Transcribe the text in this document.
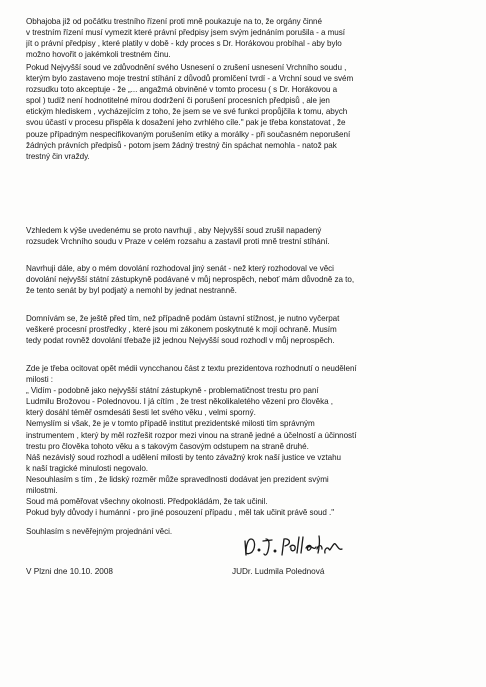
Obhajoba již od počátku trestního řízení proti mně poukazuje na to, že orgány činné
v trestním řízení musí vymezit které právní předpisy jsem svým jednáním porušila - a musí
jít o právní předpisy , které platily v době - kdy proces s Dr. Horákovou probíhal - aby bylo
možno hovořit o jakémkoli trestném činu.
Pokud Nejvyšší soud ve zdůvodnění svého Usnesení o zrušení usnesení Vrchního soudu ,
kterým bylo zastaveno moje trestní stíhání z důvodů promlčení tvrdí - a Vrchní soud ve svém
rozsudku toto akceptuje - že „... angažmá obviněné v tomto procesu ( s Dr. Horákovou a
spol ) tudíž není hodnotitelné mírou dodržení či porušení procesních předpisů , ale jen
etickým hlediskem , vycházejícím z toho, že jsem se ve své funkci propůjčila k tomu, abych
svou účastí v procesu přispěla k dosažení jeho zvrhlého cíle." pak je třeba konstatovat , že
pouze případným nespecifikovaným porušením etiky a morálky - při současném neporušení
žádných právních předpisů - potom jsem žádný trestný čin spáchat nemohla - natož pak
trestný čin vraždy.
Vzhledem k výše uvedenému se proto navrhuji , aby Nejvyšší soud zrušil napadený
rozsudek Vrchního soudu v Praze v celém rozsahu a zastavil proti mně trestní stíhání.
Navrhuji dále, aby o mém dovolání rozhodoval jiný senát - než který rozhodoval ve věci
dovolání nejvyšší státní zástupkyně podávané v můj neprospěch, neboť mám důvodně za to,
že tento senát by byl podjatý a nemohl by jednat nestranně.
Domnívám se, že ještě před tím, než případně podám ústavní stížnost, je nutno vyčerpat
veškeré procesní prostředky , které jsou mi zákonem poskytnuté k mojí ochraně. Musím
tedy podat rovněž dovolání třebaže již jednou Nejvyšší soud rozhodl v můj neprospěch.
Zde je třeba ocitovat opět médii vyncchanou část z textu prezidentova rozhodnutí o neudělení
milosti :
„ Vidím - podobně jako nejvyšší státní zástupkyně - problematičnost trestu pro paní
Ludmilu Brožovou - Polednovou. I já cítím , že trest několikaletého vězení pro člověka ,
který dosáhl téměř osmdesáti šesti let svého věku , velmi sporný.
Nemyslím si však, že je v tomto případě institut prezidentské milosti tím správným
instrumentem , který by měl rozřešit rozpor mezi vinou na straně jedné a účelností a účinností
trestu pro člověka tohoto věku a s takovým časovým odstupem na straně druhé.
Náš nezávislý soud rozhodl a udělení milosti by tento závažný krok naší justice ve vztahu
k naší tragické minulosti negovalo.
Nesouhlasím s tím , že lidský rozměr může spravedlnosti dodávat jen prezident svými
milostmi.
Soud má poměřovat všechny okolnosti. Předpokládám, že tak učinil.
Pokud byly důvody i humánní - pro jiné posouzení případu , měl tak učinit právě soud ."
Souhlasím s nevěřejným projednání věci.
V Plzni dne 10.10. 2008	JUDr. Ludmila Polednová
